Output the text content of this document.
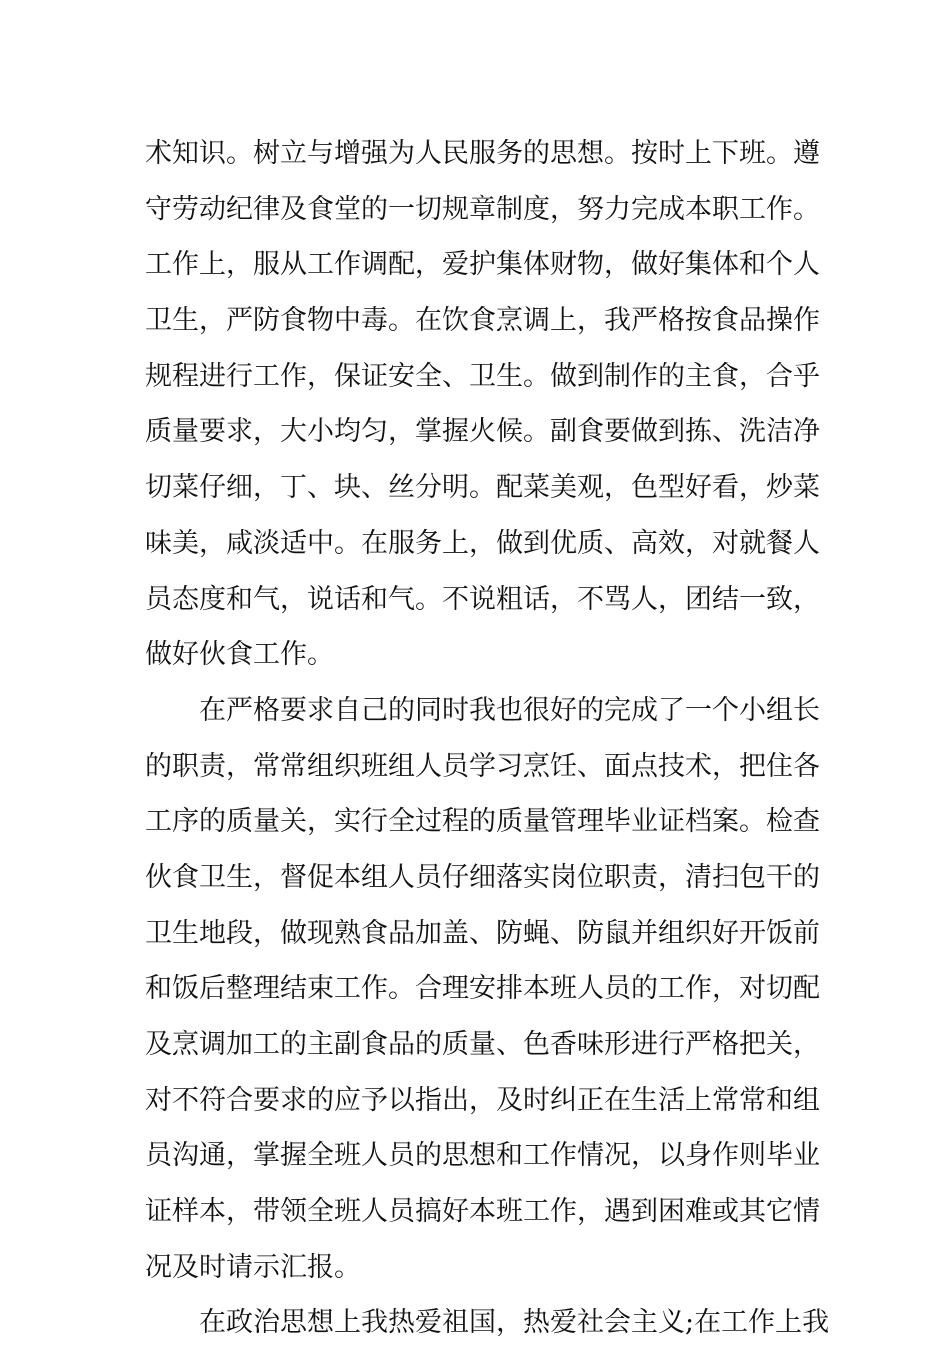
术知识。树立与增强为人民服务的思想。按时上下班。遵
守劳动纪律及食堂的一切规章制度，努力完成本职工作。
工作上，服从工作调配，爱护集体财物，做好集体和个人
卫生，严防食物中毒。在饮食烹调上，我严格按食品操作
规程进行工作，保证安全、卫生。做到制作的主食，合乎
质量要求，大小均匀，掌握火候。副食要做到拣、洗洁净
切菜仔细，丁、块、丝分明。配菜美观，色型好看，炒菜
味美，咸淡适中。在服务上，做到优质、高效，对就餐人
员态度和气，说话和气。不说粗话，不骂人，团结一致，
做好伙食工作。
在严格要求自己的同时我也很好的完成了一个小组长
的职责，常常组织班组人员学习烹饪、面点技术，把住各
工序的质量关，实行全过程的质量管理毕业证档案。检查
伙食卫生，督促本组人员仔细落实岗位职责，清扫包干的
卫生地段，做现熟食品加盖、防蝇、防鼠并组织好开饭前
和饭后整理结束工作。合理安排本班人员的工作，对切配
及烹调加工的主副食品的质量、色香味形进行严格把关，
对不符合要求的应予以指出，及时纠正在生活上常常和组
员沟通，掌握全班人员的思想和工作情况，以身作则毕业
证样本，带领全班人员搞好本班工作，遇到困难或其它情
况及时请示汇报。
在政治思想上我热爱祖国，热爱社会主义;在工作上我
